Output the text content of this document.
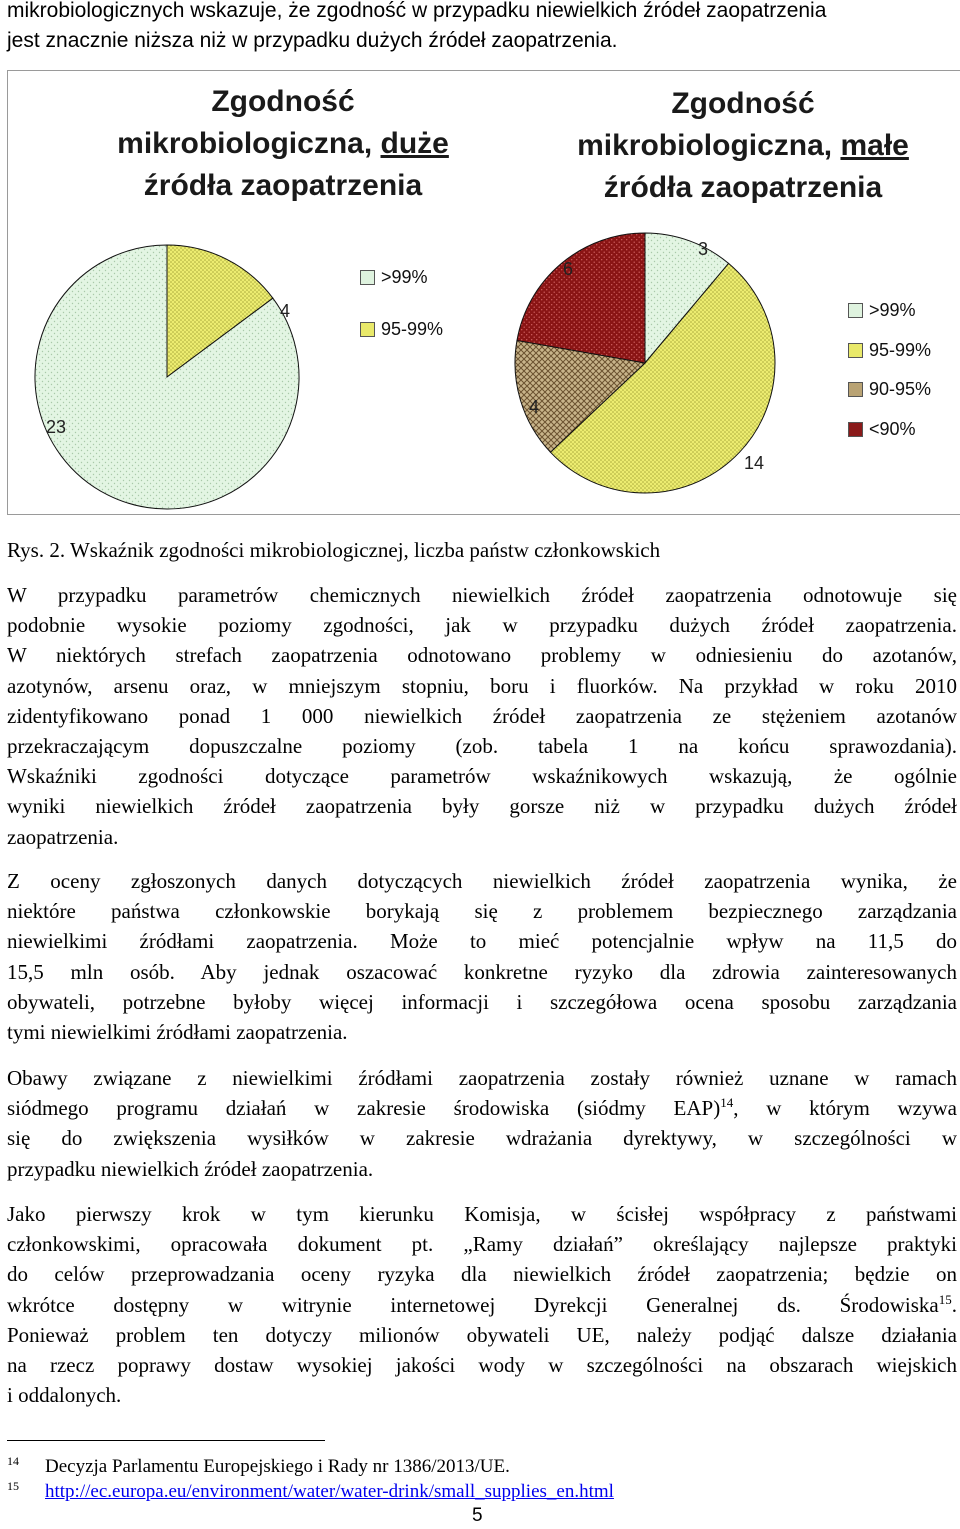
mikrobiologicznych wskazuje, że zgodność w przypadku niewielkich źródeł zaopatrzenia
jest znacznie niższa niż w przypadku dużych źródeł zaopatrzenia.
Zgodność
mikrobiologiczna, duże
źródła zaopatrzenia
Zgodność
mikrobiologiczna, małe
źródła zaopatrzenia
23
4
>99%
95-99%
3
14
4
6
>99%
95-99%
90-95%
<90%
Rys. 2. Wskaźnik zgodności mikrobiologicznej, liczba państw członkowskich
W przypadku parametrów chemicznych niewielkich źródeł zaopatrzenia odnotowuje się
podobnie wysokie poziomy zgodności, jak w przypadku dużych źródeł zaopatrzenia.
W niektórych strefach zaopatrzenia odnotowano problemy w odniesieniu do azotanów,
azotynów, arsenu oraz, w mniejszym stopniu, boru i fluorków. Na przykład w roku 2010
zidentyfikowano ponad 1 000 niewielkich źródeł zaopatrzenia ze stężeniem azotanów
przekraczającym dopuszczalne poziomy (zob. tabela 1 na końcu sprawozdania).
Wskaźniki zgodności dotyczące parametrów wskaźnikowych wskazują, że ogólnie
wyniki niewielkich źródeł zaopatrzenia były gorsze niż w przypadku dużych źródeł
zaopatrzenia.
Z oceny zgłoszonych danych dotyczących niewielkich źródeł zaopatrzenia wynika, że
niektóre państwa członkowskie borykają się z problemem bezpiecznego zarządzania
niewielkimi źródłami zaopatrzenia. Może to mieć potencjalnie wpływ na 11,5 do
15,5 mln osób. Aby jednak oszacować konkretne ryzyko dla zdrowia zainteresowanych
obywateli, potrzebne byłoby więcej informacji i szczegółowa ocena sposobu zarządzania
tymi niewielkimi źródłami zaopatrzenia.
Obawy związane z niewielkimi źródłami zaopatrzenia zostały również uznane w ramach
siódmego programu działań w zakresie środowiska (siódmy EAP)$^{14}$, w którym wzywa
się do zwiększenia wysiłków w zakresie wdrażania dyrektywy, w szczególności w
przypadku niewielkich źródeł zaopatrzenia.
Jako pierwszy krok w tym kierunku Komisja, w ścisłej współpracy z państwami
członkowskimi, opracowała dokument pt. „Ramy działań” określający najlepsze praktyki
do celów przeprowadzania oceny ryzyka dla niewielkich źródeł zaopatrzenia; będzie on
wkrótce dostępny w witrynie internetowej Dyrekcji Generalnej ds. Środowiska$^{15}$.
Ponieważ problem ten dotyczy milionów obywateli UE, należy podjąć dalsze działania
na rzecz poprawy dostaw wysokiej jakości wody w szczególności na obszarach wiejskich
i oddalonych.
14 Decyzja Parlamentu Europejskiego i Rady nr 1386/2013/UE.
15 http://ec.europa.eu/environment/water/water-drink/small_supplies_en.html
5
